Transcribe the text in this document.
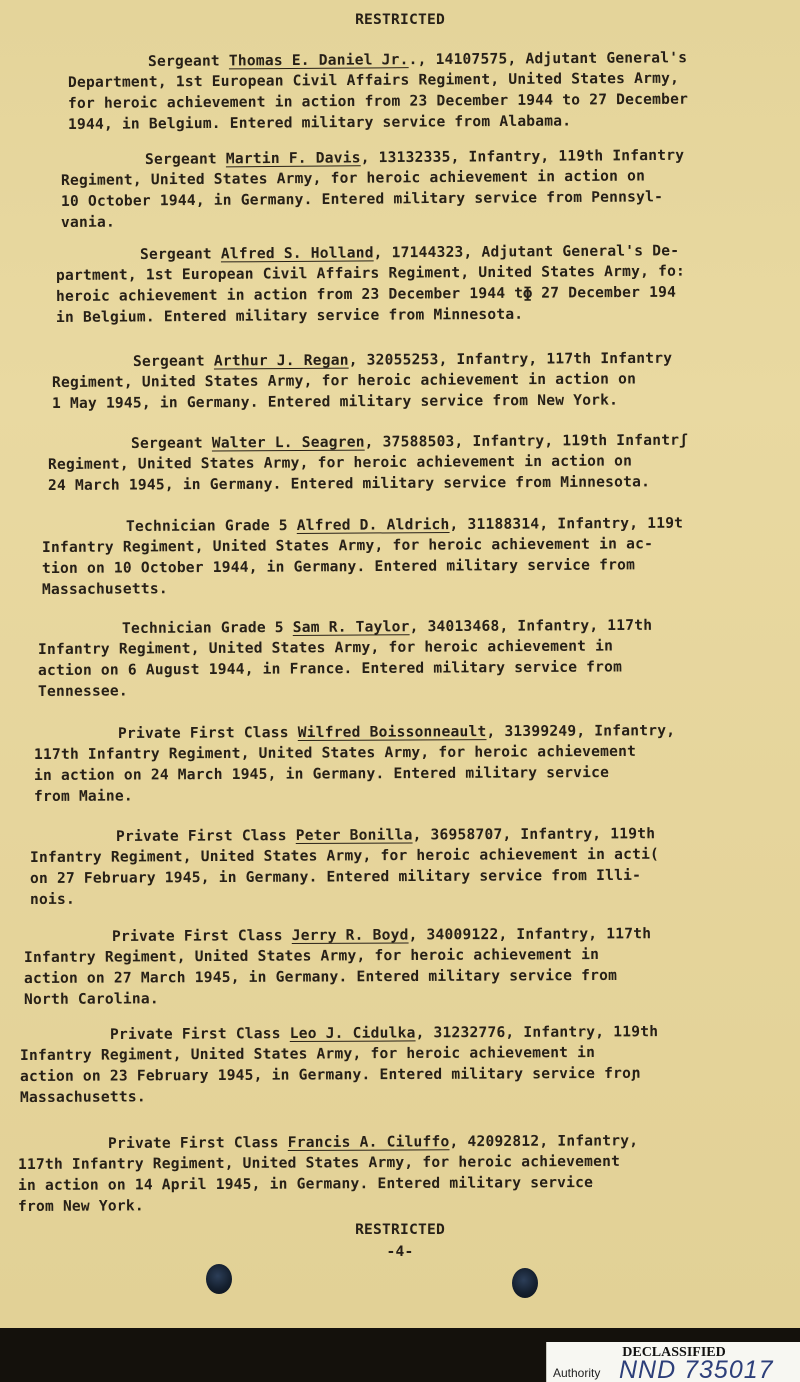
RESTRICTED
Sergeant Thomas E. Daniel Jr.., 14107575, Adjutant General's
Department, 1st European Civil Affairs Regiment, United States Army,
for heroic achievement in action from 23 December 1944 to 27 December
1944, in Belgium. Entered military service from Alabama.
Sergeant Martin F. Davis, 13132335, Infantry, 119th Infantry
Regiment, United States Army, for heroic achievement in action on
10 October 1944, in Germany. Entered military service from Pennsyl-
vania.
Sergeant Alfred S. Holland, 17144323, Adjutant General's De-
partment, 1st European Civil Affairs Regiment, United States Army, fo:
heroic achievement in action from 23 December 1944 tɸ 27 December 194
in Belgium. Entered military service from Minnesota.
Sergeant Arthur J. Regan, 32055253, Infantry, 117th Infantry
Regiment, United States Army, for heroic achievement in action on
1 May 1945, in Germany. Entered military service from New York.
Sergeant Walter L. Seagren, 37588503, Infantry, 119th Infantrʃ
Regiment, United States Army, for heroic achievement in action on
24 March 1945, in Germany. Entered military service from Minnesota.
Technician Grade 5 Alfred D. Aldrich, 31188314, Infantry, 119t
Infantry Regiment, United States Army, for heroic achievement in ac-
tion on 10 October 1944, in Germany. Entered military service from
Massachusetts.
Technician Grade 5 Sam R. Taylor, 34013468, Infantry, 117th
Infantry Regiment, United States Army, for heroic achievement in
action on 6 August 1944, in France. Entered military service from
Tennessee.
Private First Class Wilfred Boissonneault, 31399249, Infantry,
117th Infantry Regiment, United States Army, for heroic achievement
in action on 24 March 1945, in Germany. Entered military service
from Maine.
Private First Class Peter Bonilla, 36958707, Infantry, 119th
Infantry Regiment, United States Army, for heroic achievement in acti(
on 27 February 1945, in Germany. Entered military service from Illi-
nois.
Private First Class Jerry R. Boyd, 34009122, Infantry, 117th
Infantry Regiment, United States Army, for heroic achievement in
action on 27 March 1945, in Germany. Entered military service from
North Carolina.
Private First Class Leo J. Cidulka, 31232776, Infantry, 119th
Infantry Regiment, United States Army, for heroic achievement in
action on 23 February 1945, in Germany. Entered military service froɲ
Massachusetts.
Private First Class Francis A. Ciluffo, 42092812, Infantry,
117th Infantry Regiment, United States Army, for heroic achievement
in action on 14 April 1945, in Germany. Entered military service
from New York.
RESTRICTED
-4-
DECLASSIFIED
Authority NND 735017
